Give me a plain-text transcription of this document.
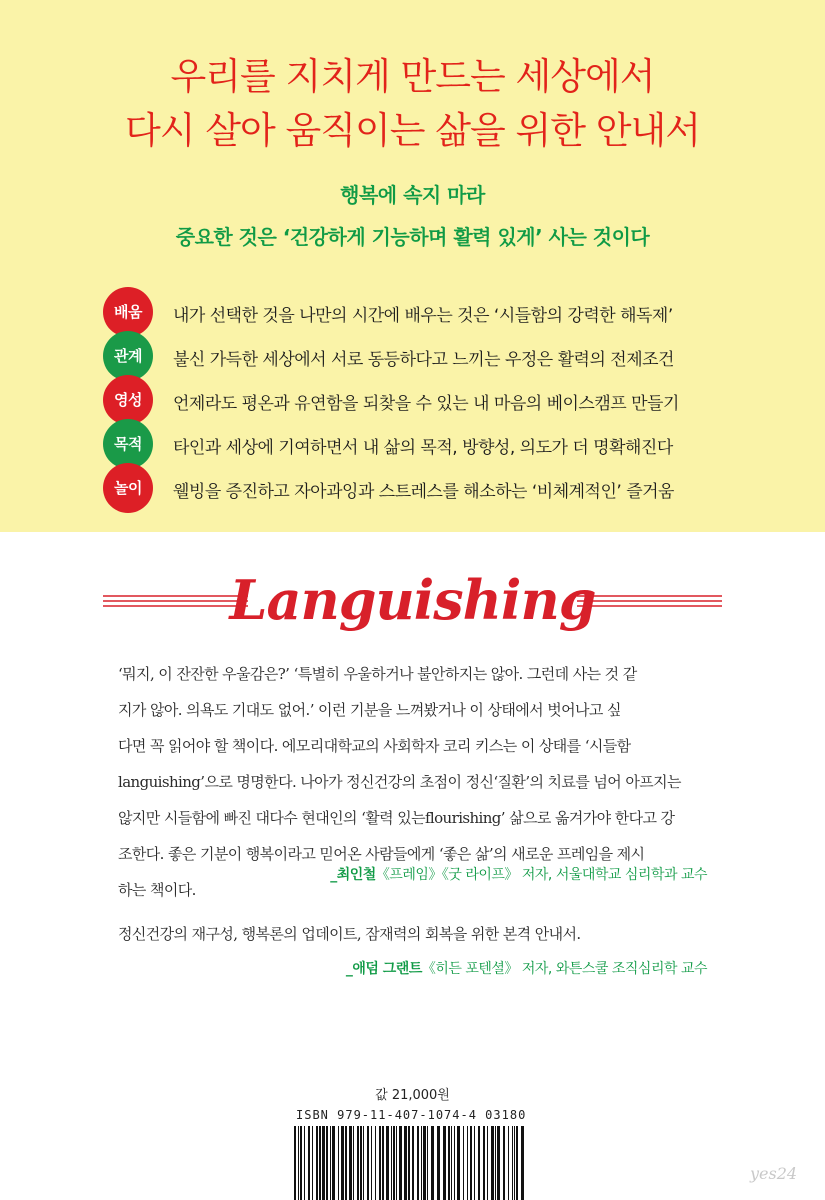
우리를 지치게 만드는 세상에서
다시 살아 움직이는 삶을 위한 안내서
행복에 속지 마라
중요한 것은 ‘건강하게 기능하며 활력 있게’ 사는 것이다
배움	내가 선택한 것을 나만의 시간에 배우는 것은 ‘시들함의 강력한 해독제’
관계	불신 가득한 세상에서 서로 동등하다고 느끼는 우정은 활력의 전제조건
영성	언제라도 평온과 유연함을 되찾을 수 있는 내 마음의 베이스캠프 만들기
목적	타인과 세상에 기여하면서 내 삶의 목적, 방향성, 의도가 더 명확해진다
놀이	웰빙을 증진하고 자아과잉과 스트레스를 해소하는 ‘비체계적인’ 즐거움
Languishing
‘뭐지, 이 잔잔한 우울감은?’ ‘특별히 우울하거나 불안하지는 않아. 그런데 사는 것 같
지가 않아. 의욕도 기대도 없어.’ 이런 기분을 느껴봤거나 이 상태에서 벗어나고 싶
다면 꼭 읽어야 할 책이다. 에모리대학교의 사회학자 코리 키스는 이 상태를 ‘시들함
languishing’으로 명명한다. 나아가 정신건강의 초점이 정신‘질환’의 치료를 넘어 아프지는
않지만 시들함에 빠진 대다수 현대인의 ‘활력 있는flourishing’ 삶으로 옮겨가야 한다고 강
조한다. 좋은 기분이 행복이라고 믿어온 사람들에게 ‘좋은 삶’의 새로운 프레임을 제시
하는 책이다.
_최인철《프레임》《굿 라이프》 저자, 서울대학교 심리학과 교수
정신건강의 재구성, 행복론의 업데이트, 잠재력의 회복을 위한 본격 안내서.
_애덤 그랜트《히든 포텐셜》 저자, 와튼스쿨 조직심리학 교수
값 21,000원
ISBN 979-11-407-1074-4 03180
yes24
